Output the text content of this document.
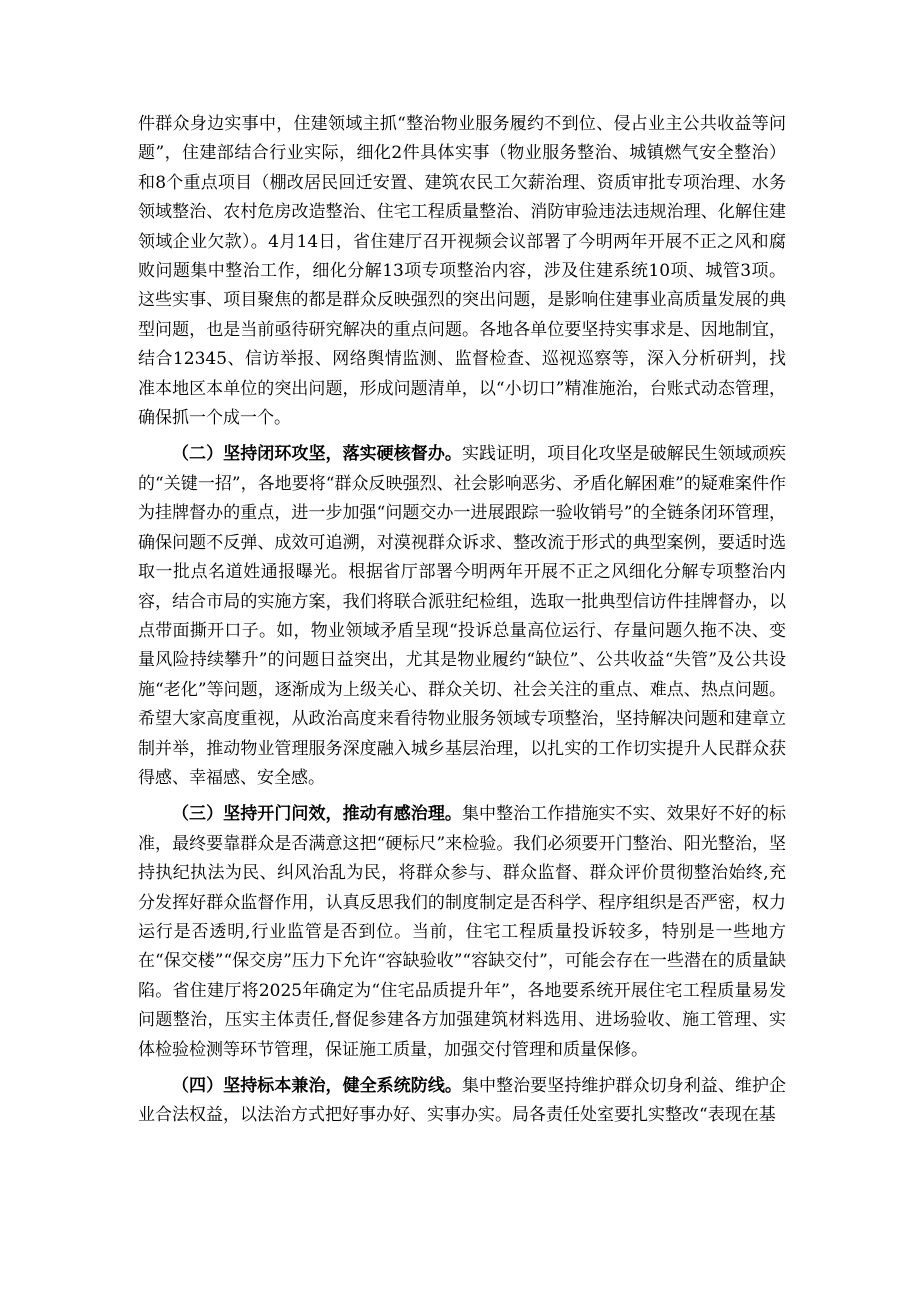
件群众身边实事中，住建领域主抓“整治物业服务履约不到位、侵占业主公共收益等问题”，住建部结合行业实际，细化2件具体实事（物业服务整治、城镇燃气安全整治）和8个重点项目（棚改居民回迁安置、建筑农民工欠薪治理、资质审批专项治理、水务领域整治、农村危房改造整治、住宅工程质量整治、消防审验违法违规治理、化解住建领域企业欠款）。4月14日，省住建厅召开视频会议部署了今明两年开展不正之风和腐败问题集中整治工作，细化分解13项专项整治内容，涉及住建系统10项、城管3项。这些实事、项目聚焦的都是群众反映强烈的突出问题，是影响住建事业高质量发展的典型问题，也是当前亟待研究解决的重点问题。各地各单位要坚持实事求是、因地制宜，结合12345、信访举报、网络舆情监测、监督检查、巡视巡察等，深入分析研判，找准本地区本单位的突出问题，形成问题清单，以“小切口”精准施治，台账式动态管理，确保抓一个成一个。

（二）坚持闭环攻坚，落实硬核督办。实践证明，项目化攻坚是破解民生领域顽疾的“关键一招”，各地要将“群众反映强烈、社会影响恶劣、矛盾化解困难”的疑难案件作为挂牌督办的重点，进一步加强“问题交办一进展跟踪一验收销号”的全链条闭环管理，确保问题不反弹、成效可追溯，对漠视群众诉求、整改流于形式的典型案例，要适时选取一批点名道姓通报曝光。根据省厅部署今明两年开展不正之风细化分解专项整治内容，结合市局的实施方案，我们将联合派驻纪检组，选取一批典型信访件挂牌督办，以点带面撕开口子。如，物业领域矛盾呈现“投诉总量高位运行、存量问题久拖不决、变量风险持续攀升”的问题日益突出，尤其是物业履约“缺位”、公共收益“失管”及公共设施“老化”等问题，逐渐成为上级关心、群众关切、社会关注的重点、难点、热点问题。希望大家高度重视，从政治高度来看待物业服务领域专项整治，坚持解决问题和建章立制并举，推动物业管理服务深度融入城乡基层治理，以扎实的工作切实提升人民群众获得感、幸福感、安全感。

（三）坚持开门问效，推动有感治理。集中整治工作措施实不实、效果好不好的标准，最终要靠群众是否满意这把“硬标尺”来检验。我们必须要开门整治、阳光整治，坚持执纪执法为民、纠风治乱为民，将群众参与、群众监督、群众评价贯彻整治始终,充分发挥好群众监督作用，认真反思我们的制度制定是否科学、程序组织是否严密，权力运行是否透明,行业监管是否到位。当前，住宅工程质量投诉较多，特别是一些地方在“保交楼”“保交房”压力下允许“容缺验收”“容缺交付”，可能会存在一些潜在的质量缺陷。省住建厅将2025年确定为“住宅品质提升年”，各地要系统开展住宅工程质量易发问题整治，压实主体责任,督促参建各方加强建筑材料选用、进场验收、施工管理、实体检验检测等环节管理，保证施工质量，加强交付管理和质量保修。

（四）坚持标本兼治，健全系统防线。集中整治要坚持维护群众切身利益、维护企业合法权益，以法治方式把好事办好、实事办实。局各责任处室要扎实整改“表现在基
